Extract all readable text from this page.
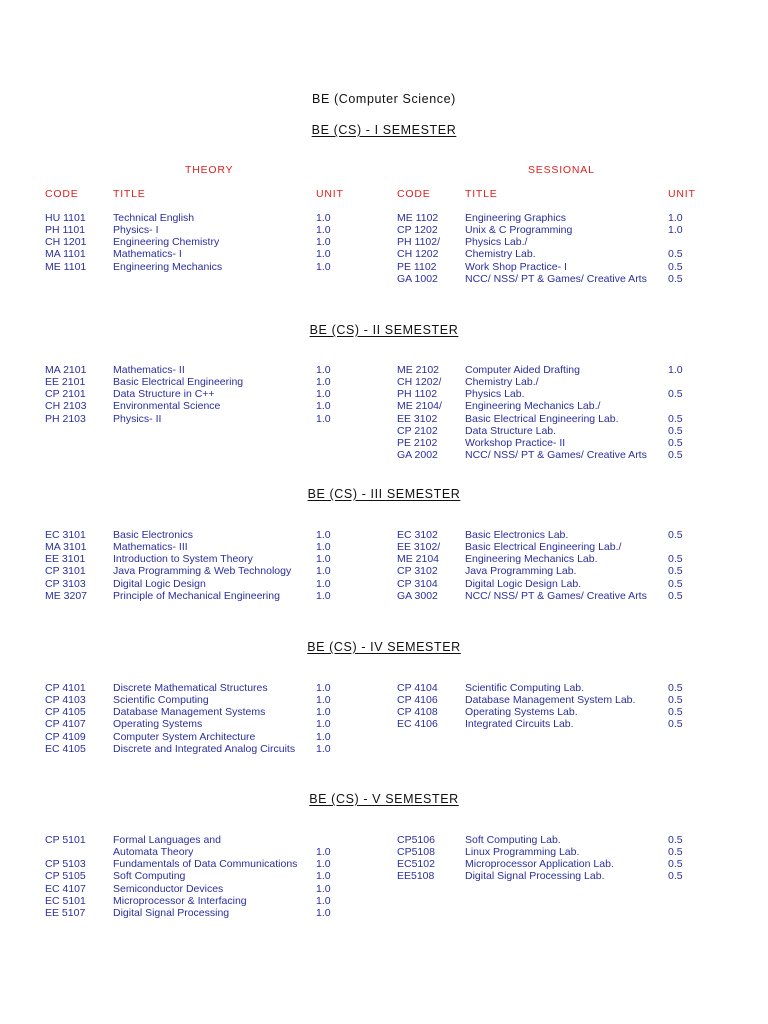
BE (Computer Science)
THEORY	SESSIONAL
CODE	TITLE	UNIT	CODE	TITLE	UNIT
BE (CS) - I SEMESTER
HU 1101	Technical English	1.0
PH 1101	Physics- I	1.0
CH 1201	Engineering Chemistry	1.0
MA 1101	Mathematics- I	1.0
ME 1101	Engineering Mechanics	1.0
ME 1102	Engineering Graphics	1.0
CP 1202	Unix & C Programming	1.0
PH 1102/ Physics Lab./
CH 1202	Chemistry Lab.	0.5
PE 1102	Work Shop Practice- I	0.5
GA 1002	NCC/ NSS/ PT & Games/ Creative Arts 0.5
BE (CS) - II SEMESTER
MA 2101	Mathematics- II	1.0
EE 2101	Basic Electrical Engineering	1.0
CP 2101	Data Structure in C++	1.0
CH 2103	Environmental Science	1.0
PH 2103	Physics- II	1.0
ME 2102 Computer Aided Drafting	1.0
CH 1202/ Chemistry Lab./
PH 1102	Physics Lab.	0.5
ME 2104/ Engineering Mechanics Lab./
EE 3102	Basic Electrical Engineering Lab.	0.5
CP 2102	Data Structure Lab.	0.5
PE 2102	Workshop Practice- II	0.5
GA 2002	NCC/ NSS/ PT & Games/ Creative Arts 0.5
BE (CS) - III SEMESTER
EC 3101	Basic Electronics	1.0
MA 3101	Mathematics- III	1.0
EE 3101	Introduction to System Theory	1.0
CP 3101	Java Programming & Web Technology 1.0
CP 3103	Digital Logic Design	1.0
ME 3207 Principle of Mechanical Engineering	1.0
EC 3102	Basic Electronics Lab.	0.5
EE 3102/ Basic Electrical Engineering Lab./
ME 2104 Engineering Mechanics Lab.	0.5
CP 3102	Java Programming Lab.	0.5
CP 3104	Digital Logic Design Lab.	0.5
GA 3002	NCC/ NSS/ PT & Games/ Creative Arts 0.5
BE (CS) - IV SEMESTER
CP 4101	Discrete Mathematical Structures	1.0
CP 4103	Scientific Computing	1.0
CP 4105	Database Management Systems	1.0
CP 4107	Operating Systems	1.0
CP 4109	Computer System Architecture	1.0
EC 4105	Discrete and Integrated Analog Circuits 1.0
CP 4104	Scientific Computing Lab.	0.5
CP 4106	Database Management System Lab.	0.5
CP 4108	Operating Systems Lab.	0.5
EC 4106	Integrated Circuits Lab.	0.5
BE (CS) - V SEMESTER
CP 5101	Formal Languages and
Automata Theory	1.0
CP 5103	Fundamentals of Data Communications 1.0
CP 5105	Soft Computing	1.0
EC 4107	Semiconductor Devices	1.0
EC 5101	Microprocessor & Interfacing	1.0
EE 5107	Digital Signal Processing	1.0
CP5106	Soft Computing Lab.	0.5
CP5108	Linux Programming Lab.	0.5
EC5102	Microprocessor Application Lab.	0.5
EE5108	Digital Signal Processing Lab.	0.5
